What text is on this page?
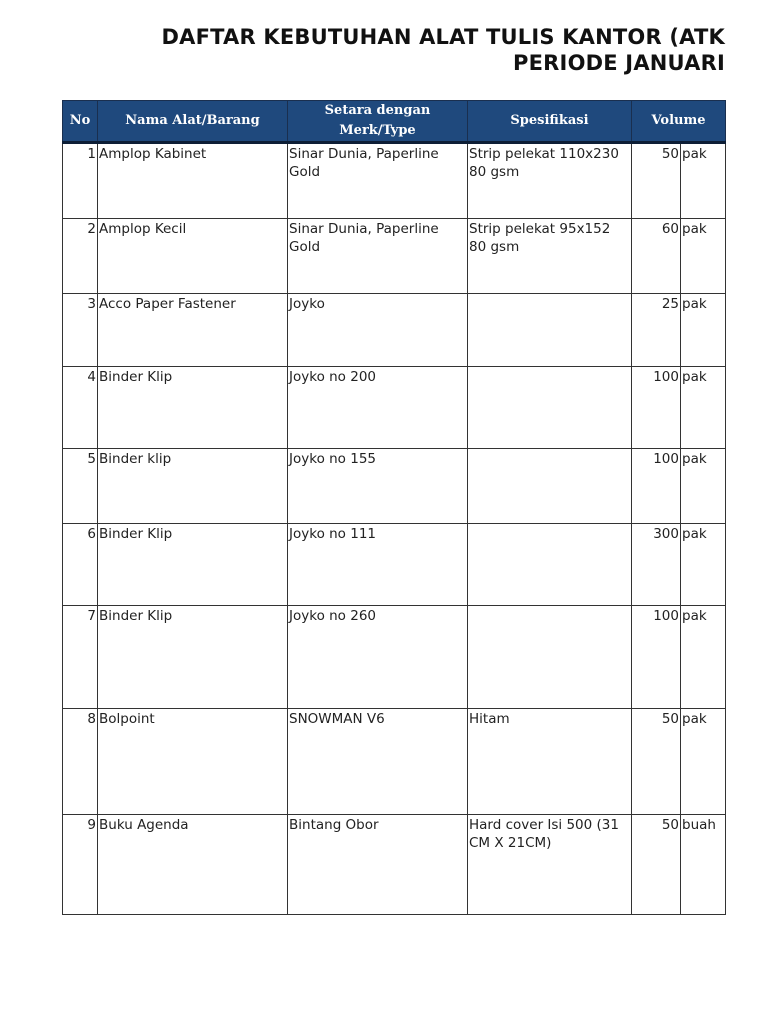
DAFTAR KEBUTUHAN ALAT TULIS KANTOR (ATK
PERIODE JANUARI
No	Nama Alat/Barang	Setara dengan Merk/Type	Spesifikasi	Volume	
1	Amplop Kabinet	Sinar Dunia, Paperline Gold	Strip pelekat 110x230 80 gsm	50	pak
2	Amplop Kecil	Sinar Dunia, Paperline Gold	Strip pelekat 95x152 80 gsm	60	pak
3	Acco Paper Fastener	Joyko		25	pak
4	Binder Klip	Joyko no 200		100	pak
5	Binder klip	Joyko no 155		100	pak
6	Binder Klip	Joyko no 111		300	pak
7	Binder Klip	Joyko no 260		100	pak
8	Bolpoint	SNOWMAN V6	Hitam	50	pak
9	Buku Agenda	Bintang Obor	Hard cover Isi 500 (31 CM X 21CM)	50	buah
